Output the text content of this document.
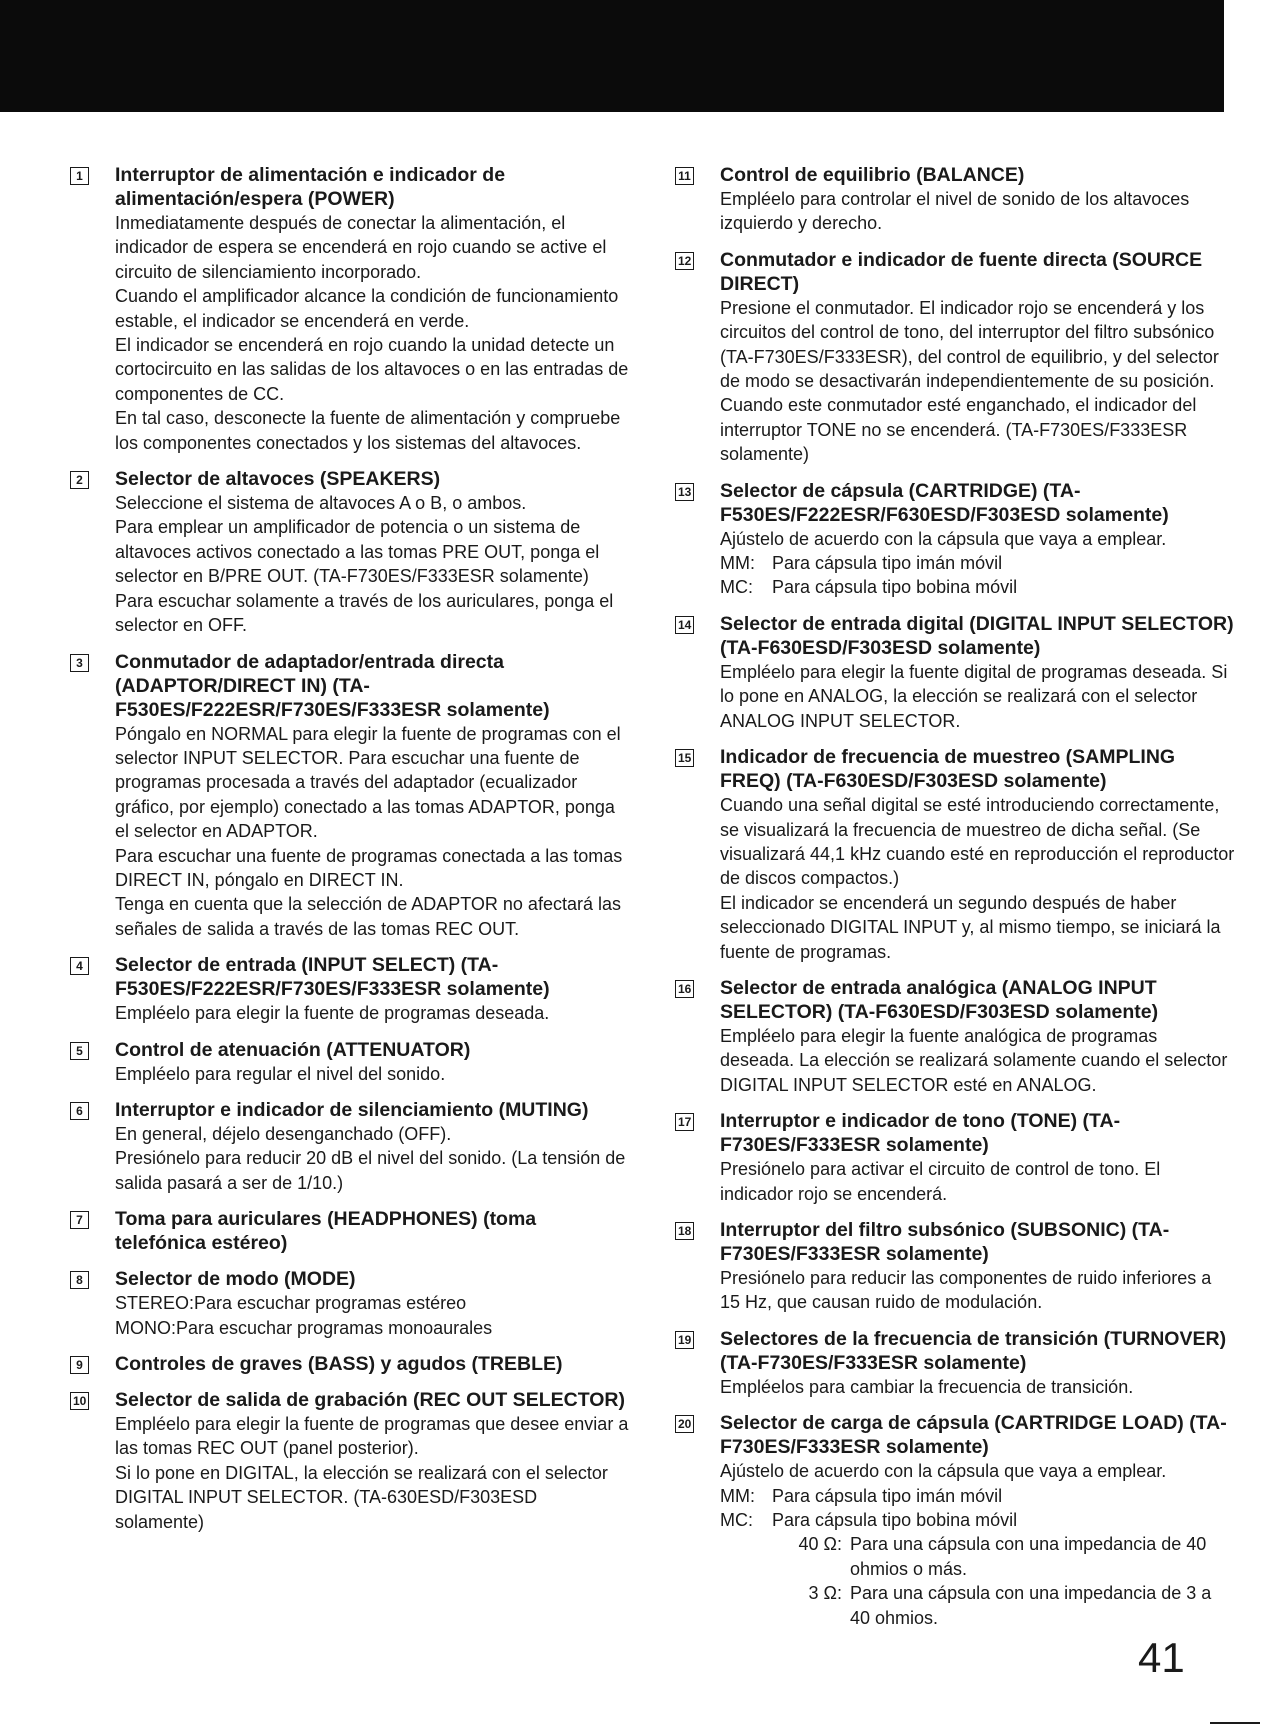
1	Interruptor de alimentación e indicador de alimentación/espera (POWER)

Inmediatamente después de conectar la alimentación, el indicador de espera se encenderá en rojo cuando se active el circuito de silenciamiento incorporado.

Cuando el amplificador alcance la condición de funcionamiento estable, el indicador se encenderá en verde.

El indicador se encenderá en rojo cuando la unidad detecte un cortocircuito en las salidas de los altavoces o en las entradas de componentes de CC.

En tal caso, desconecte la fuente de alimentación y compruebe los componentes conectados y los sistemas del altavoces.

2	Selector de altavoces (SPEAKERS)

Seleccione el sistema de altavoces A o B, o ambos.

Para emplear un amplificador de potencia o un sistema de altavoces activos conectado a las tomas PRE OUT, ponga el selector en B/PRE OUT. (TA-F730ES/F333ESR solamente)

Para escuchar solamente a través de los auriculares, ponga el selector en OFF.

3	Conmutador de adaptador/entrada directa (ADAPTOR/DIRECT IN) (TA-F530ES/F222ESR/F730ES/F333ESR solamente)

Póngalo en NORMAL para elegir la fuente de programas con el selector INPUT SELECTOR. Para escuchar una fuente de programas procesada a través del adaptador (ecualizador gráfico, por ejemplo) conectado a las tomas ADAPTOR, ponga el selector en ADAPTOR.

Para escuchar una fuente de programas conectada a las tomas DIRECT IN, póngalo en DIRECT IN.

Tenga en cuenta que la selección de ADAPTOR no afectará las señales de salida a través de las tomas REC OUT.

4	Selector de entrada (INPUT SELECT) (TA-F530ES/F222ESR/F730ES/F333ESR solamente)

Empléelo para elegir la fuente de programas deseada.

5	Control de atenuación (ATTENUATOR)

Empléelo para regular el nivel del sonido.

6	Interruptor e indicador de silenciamiento (MUTING)

En general, déjelo desenganchado (OFF).

Presiónelo para reducir 20 dB el nivel del sonido. (La tensión de salida pasará a ser de 1/10.)

7	Toma para auriculares (HEADPHONES) (toma telefónica estéreo)

8	Selector de modo (MODE)

STEREO: Para escuchar programas estéreo
MONO: Para escuchar programas monoaurales
9	Controles de graves (BASS) y agudos (TREBLE)

10 Selector de salida de grabación (REC OUT SELECTOR)

Empléelo para elegir la fuente de programas que desee enviar a las tomas REC OUT (panel posterior).

Si lo pone en DIGITAL, la elección se realizará con el selector DIGITAL INPUT SELECTOR. (TA-630ESD/F303ESD solamente)

11 Control de equilibrio (BALANCE)

Empléelo para controlar el nivel de sonido de los altavoces izquierdo y derecho.

12 Conmutador e indicador de fuente directa (SOURCE DIRECT)

Presione el conmutador. El indicador rojo se encenderá y los circuitos del control de tono, del interruptor del filtro subsónico (TA-F730ES/F333ESR), del control de equilibrio, y del selector de modo se desactivarán independientemente de su posición. Cuando este conmutador esté enganchado, el indicador del interruptor TONE no se encenderá. (TA-F730ES/F333ESR solamente)

13 Selector de cápsula (CARTRIDGE) (TA-F530ES/F222ESR/F630ESD/F303ESD solamente)

Ajústelo de acuerdo con la cápsula que vaya a emplear.

MM: Para cápsula tipo imán móvil
MC:	Para cápsula tipo bobina móvil
14 Selector de entrada digital (DIGITAL INPUT SELECTOR) (TA-F630ESD/F303ESD solamente)

Empléelo para elegir la fuente digital de programas deseada. Si lo pone en ANALOG, la elección se realizará con el selector ANALOG INPUT SELECTOR.

15 Indicador de frecuencia de muestreo (SAMPLING FREQ) (TA-F630ESD/F303ESD solamente)

Cuando una señal digital se esté introduciendo correctamente, se visualizará la frecuencia de muestreo de dicha señal. (Se visualizará 44,1 kHz cuando esté en reproducción el reproductor de discos compactos.)

El indicador se encenderá un segundo después de haber seleccionado DIGITAL INPUT y, al mismo tiempo, se iniciará la fuente de programas.

16 Selector de entrada analógica (ANALOG INPUT SELECTOR) (TA-F630ESD/F303ESD solamente)

Empléelo para elegir la fuente analógica de programas deseada. La elección se realizará solamente cuando el selector DIGITAL INPUT SELECTOR esté en ANALOG.

17 Interruptor e indicador de tono (TONE) (TA-F730ES/F333ESR solamente)

Presiónelo para activar el circuito de control de tono. El indicador rojo se encenderá.

18 Interruptor del filtro subsónico (SUBSONIC) (TA-F730ES/F333ESR solamente)

Presiónelo para reducir las componentes de ruido inferiores a 15 Hz, que causan ruido de modulación.

19 Selectores de la frecuencia de transición (TURNOVER) (TA-F730ES/F333ESR solamente)

Empléelos para cambiar la frecuencia de transición.

20 Selector de carga de cápsula (CARTRIDGE LOAD) (TA-F730ES/F333ESR solamente)

Ajústelo de acuerdo con la cápsula que vaya a emplear.

MM: Para cápsula tipo imán móvil
MC:	Para cápsula tipo bobina móvil
40 Ω: Para una cápsula con una impedancia de 40 ohmios o más.
3 Ω: Para una cápsula con una impedancia de 3 a 40 ohmios.
41
